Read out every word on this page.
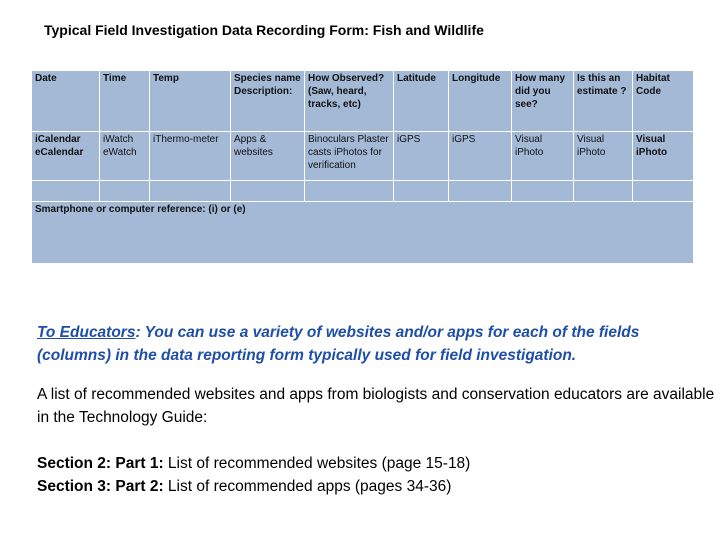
Typical Field Investigation Data Recording Form: Fish and Wildlife
Date	Time	Temp	Species name Description:	How Observed? (Saw, heard, tracks, etc)	Latitude	Longitude	How many did you see?	Is this an estimate ?	Habitat Code
iCalendar eCalendar	iWatch eWatch	iThermo-meter	Apps & websites	Binoculars Plaster casts iPhotos for verification	iGPS	iGPS	Visual iPhoto	Visual iPhoto	Visual iPhoto

Smartphone or computer reference: (i) or (e)									
To Educators: You can use a variety of websites and/or apps for each of the fields (columns) in the data reporting form typically used for field investigation.
A list of recommended websites and apps from biologists and conservation educators are available in the Technology Guide:
Section 2: Part 1: List of recommended websites (page 15-18)
Section 3: Part 2: List of recommended apps (pages 34-36)
